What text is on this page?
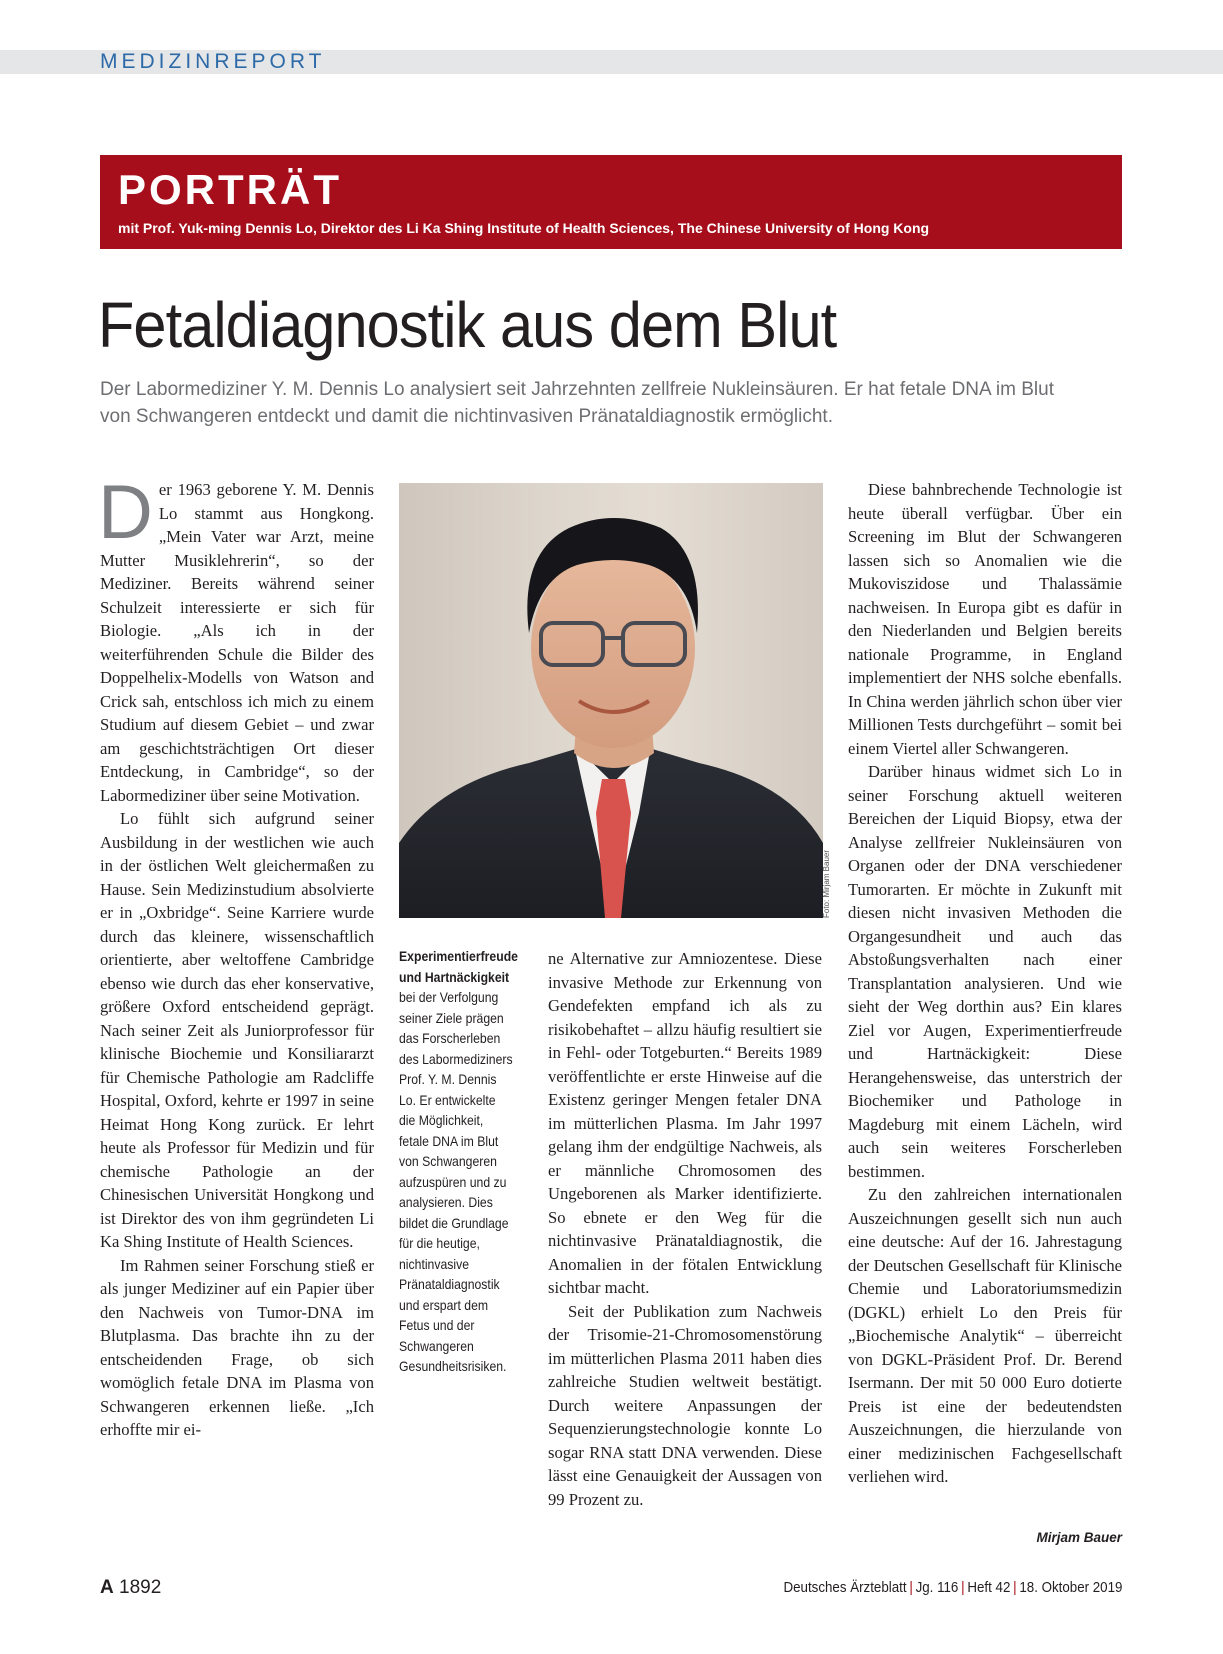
MEDIZINREPORT
PORTRÄT
mit Prof. Yuk-ming Dennis Lo, Direktor des Li Ka Shing Institute of Health Sciences, The Chinese University of Hong Kong
Fetaldiagnostik aus dem Blut

Der Labormediziner Y. M. Dennis Lo analysiert seit Jahrzehnten zellfreie Nukleinsäuren. Er hat fetale DNA im Blut von Schwangeren entdeckt und damit die nichtinvasiven Pränataldiagnostik ermöglicht.

Der 1963 geborene Y. M. Dennis Lo stammt aus Hongkong. „Mein Vater war Arzt, meine Mutter Musiklehrerin“, so der Mediziner. Bereits während seiner Schulzeit interessierte er sich für Biologie. „Als ich in der weiterführenden Schule die Bilder des Doppelhelix-Modells von Watson and Crick sah, entschloss ich mich zu einem Studium auf diesem Gebiet – und zwar am geschichtsträchtigen Ort dieser Entdeckung, in Cambridge“, so der Labormediziner über seine Motivation.

Lo fühlt sich aufgrund seiner Ausbildung in der westlichen wie auch in der östlichen Welt gleichermaßen zu Hause. Sein Medizinstudium absolvierte er in „Oxbridge“. Seine Karriere wurde durch das kleinere, wissenschaftlich orientierte, aber weltoffene Cambridge ebenso wie durch das eher konservative, größere Oxford entscheidend geprägt. Nach seiner Zeit als Juniorprofessor für klinische Biochemie und Konsiliararzt für Chemische Pathologie am Radcliffe Hospital, Oxford, kehrte er 1997 in seine Heimat Hong Kong zurück. Er lehrt heute als Professor für Medizin und für chemische Pathologie an der Chinesischen Universität Hongkong und ist Direktor des von ihm gegründeten Li Ka Shing Institute of Health Sciences.

Im Rahmen seiner Forschung stieß er als junger Mediziner auf ein Papier über den Nachweis von Tumor-DNA im Blutplasma. Das brachte ihn zu der entscheidenden Frage, ob sich womöglich fetale DNA im Plasma von Schwangeren erkennen ließe. „Ich erhoffte mir ei-

Foto: Mirjam Bauer
Experimentierfreude und Hartnäckigkeit bei der Verfolgung seiner Ziele prägen das Forscherleben des Labormediziners Prof. Y. M. Dennis Lo. Er entwickelte die Möglichkeit, fetale DNA im Blut von Schwangeren aufzuspüren und zu analysieren. Dies bildet die Grundlage für die heutige, nichtinvasive Pränataldiagnostik und erspart dem Fetus und der Schwangeren Gesundheitsrisiken.

ne Alternative zur Amniozentese. Diese invasive Methode zur Erkennung von Gendefekten empfand ich als zu risikobehaftet – allzu häufig resultiert sie in Fehl- oder Totgeburten.“ Bereits 1989 veröffentlichte er erste Hinweise auf die Existenz geringer Mengen fetaler DNA im mütterlichen Plasma. Im Jahr 1997 gelang ihm der endgültige Nachweis, als er männliche Chromosomen des Ungeborenen als Marker identifizierte. So ebnete er den Weg für die nichtinvasive Pränataldiagnostik, die Anomalien in der fötalen Entwicklung sichtbar macht.

Seit der Publikation zum Nachweis der Trisomie-21-Chromosomenstörung im mütterlichen Plasma 2011 haben dies zahlreiche Studien weltweit bestätigt. Durch weitere Anpassungen der Sequenzierungstechnologie konnte Lo sogar RNA statt DNA verwenden. Diese lässt eine Genauigkeit der Aussagen von 99 Prozent zu.

Diese bahnbrechende Technologie ist heute überall verfügbar. Über ein Screening im Blut der Schwangeren lassen sich so Anomalien wie die Mukoviszidose und Thalassämie nachweisen. In Europa gibt es dafür in den Niederlanden und Belgien bereits nationale Programme, in England implementiert der NHS solche ebenfalls. In China werden jährlich schon über vier Millionen Tests durchgeführt – somit bei einem Viertel aller Schwangeren.

Darüber hinaus widmet sich Lo in seiner Forschung aktuell weiteren Bereichen der Liquid Biopsy, etwa der Analyse zellfreier Nukleinsäuren von Organen oder der DNA verschiedener Tumorarten. Er möchte in Zukunft mit diesen nicht invasiven Methoden die Organgesundheit und auch das Abstoßungsverhalten nach einer Transplantation analysieren. Und wie sieht der Weg dorthin aus? Ein klares Ziel vor Augen, Experimentierfreude und Hartnäckigkeit: Diese Herangehensweise, das unterstrich der Biochemiker und Pathologe in Magdeburg mit einem Lächeln, wird auch sein weiteres Forscherleben bestimmen.

Zu den zahlreichen internationalen Auszeichnungen gesellt sich nun auch eine deutsche: Auf der 16. Jahrestagung der Deutschen Gesellschaft für Klinische Chemie und Laboratoriumsmedizin (DGKL) erhielt Lo den Preis für „Biochemische Analytik“ – überreicht von DGKL-Präsident Prof. Dr. Berend Isermann. Der mit 50 000 Euro dotierte Preis ist eine der bedeutendsten Auszeichnungen, die hierzulande von einer medizinischen Fachgesellschaft verliehen wird.

Mirjam Bauer
A 1892	Deutsches Ärzteblatt | Jg. 116 | Heft 42 | 18. Oktober 2019
